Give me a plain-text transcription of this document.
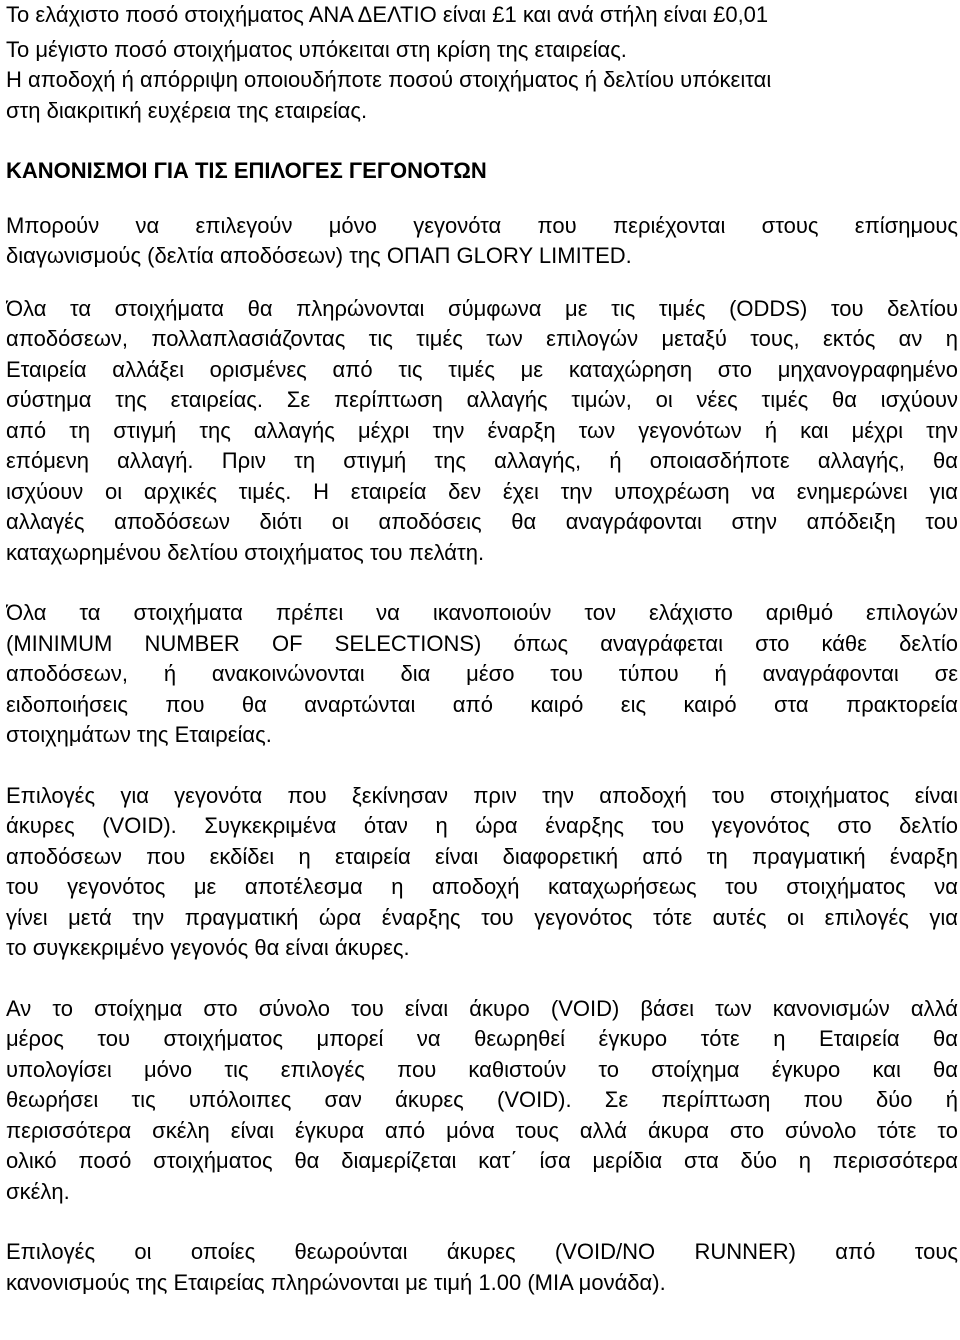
Το ελάχιστο ποσό στοιχήματος ΑΝΑ ΔΕΛΤΙΟ είναι £1 και ανά στήλη είναι £0,01
Το μέγιστο ποσό στοιχήματος υπόκειται στη κρίση της εταιρείας.
Η αποδοχή ή απόρριψη οποιουδήποτε ποσού στοιχήματος ή δελτίου υπόκειται
στη διακριτική ευχέρεια της εταιρείας.
ΚΑΝΟΝΙΣΜΟΙ ΓΙΑ ΤΙΣ ΕΠΙΛΟΓΕΣ ΓΕΓΟΝΟΤΩΝ
Μπορούν να επιλεγούν μόνο γεγονότα που περιέχονται στους επίσημους
διαγωνισμούς (δελτία αποδόσεων) της ΟΠΑΠ GLORY LIMITED.
Όλα τα στοιχήματα θα πληρώνονται σύμφωνα με τις τιμές (ODDS) του δελτίου
αποδόσεων, πολλαπλασιάζοντας τις τιμές των επιλογών μεταξύ τους, εκτός αν η
Εταιρεία αλλάξει ορισμένες από τις τιμές με καταχώρηση στο μηχανογραφημένο
σύστημα της εταιρείας. Σε περίπτωση αλλαγής τιμών, οι νέες τιμές θα ισχύουν
από τη στιγμή της αλλαγής μέχρι την έναρξη των γεγονότων ή και μέχρι την
επόμενη αλλαγή. Πριν τη στιγμή της αλλαγής, ή οποιασδήποτε αλλαγής, θα
ισχύουν οι αρχικές τιμές. Η εταιρεία δεν έχει την υποχρέωση να ενημερώνει για
αλλαγές αποδόσεων διότι οι αποδόσεις θα αναγράφονται στην απόδειξη του
καταχωρημένου δελτίου στοιχήματος του πελάτη.
Όλα τα στοιχήματα πρέπει να ικανοποιούν τον ελάχιστο αριθμό επιλογών
(MINIMUM NUMBER OF SELECTIONS) όπως αναγράφεται στο κάθε δελτίο
αποδόσεων, ή ανακοινώνονται δια μέσο του τύπου ή αναγράφονται σε
ειδοποιήσεις που θα αναρτώνται από καιρό εις καιρό στα πρακτορεία
στοιχημάτων της Εταιρείας.
Επιλογές για γεγονότα που ξεκίνησαν πριν την αποδοχή του στοιχήματος είναι
άκυρες (VOID). Συγκεκριμένα όταν η ώρα έναρξης του γεγονότος στο δελτίο
αποδόσεων που εκδίδει η εταιρεία είναι διαφορετική από τη πραγματική έναρξη
του γεγονότος με αποτέλεσμα η αποδοχή καταχωρήσεως του στοιχήματος να
γίνει μετά την πραγματική ώρα έναρξης του γεγονότος τότε αυτές οι επιλογές για
το συγκεκριμένο γεγονός θα είναι άκυρες.
Αν το στοίχημα στο σύνολο του είναι άκυρο (VOID) βάσει των κανονισμών αλλά
μέρος του στοιχήματος μπορεί να θεωρηθεί έγκυρο τότε η Εταιρεία θα
υπολογίσει μόνο τις επιλογές που καθιστούν το στοίχημα έγκυρο και θα
θεωρήσει τις υπόλοιπες σαν άκυρες (VOID). Σε περίπτωση που δύο ή
περισσότερα σκέλη είναι έγκυρα από μόνα τους αλλά άκυρα στο σύνολο τότε το
ολικό ποσό στοιχήματος θα διαμερίζεται κατ΄ ίσα μερίδια στα δύο η περισσότερα
σκέλη.
Επιλογές οι οποίες θεωρούνται άκυρες (VOID/NO RUNNER) από τους
κανονισμούς της Εταιρείας πληρώνονται με τιμή 1.00 (ΜΙΑ μονάδα).
